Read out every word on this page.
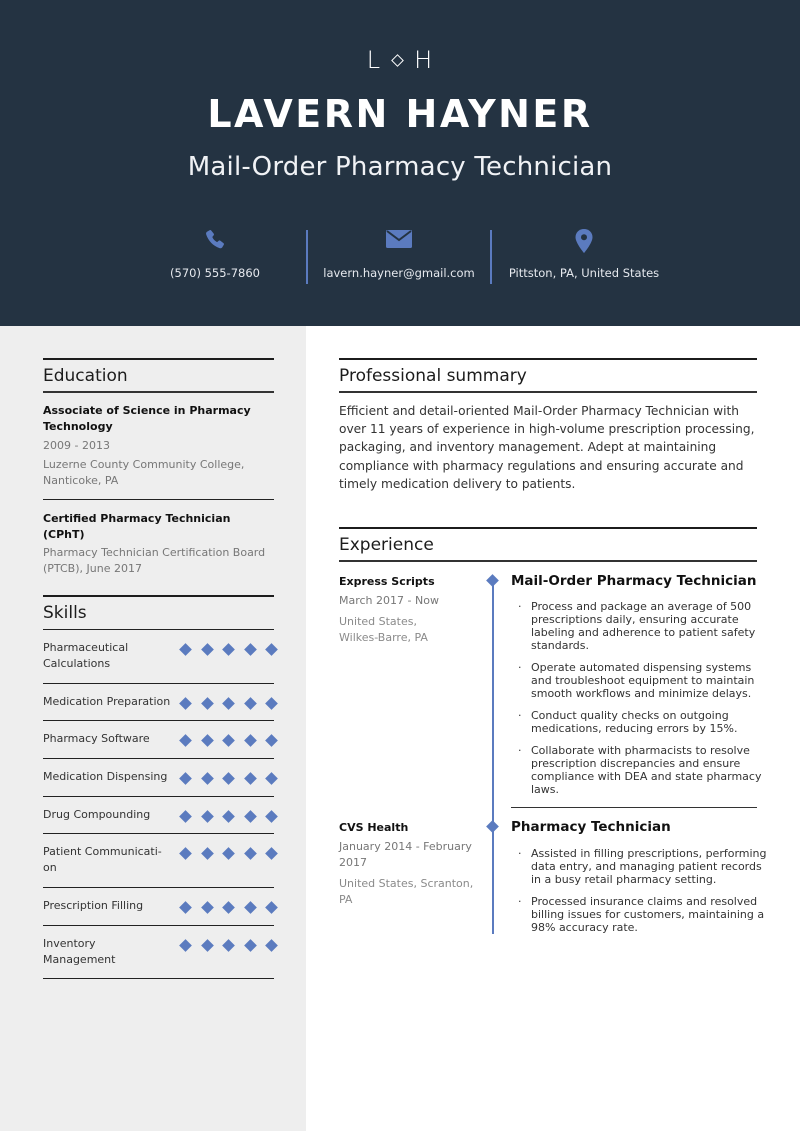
L H
LAVERN HAYNER
Mail-Order Pharmacy Technician
(570) 555-7860	lavern.hayner@gmail.com	Pittston, PA, United States
Education
Associate of Science in Pharmacy
Technology
2009 - 2013
Luzerne County Community College,
Nanticoke, PA
Certified Pharmacy Technician (CPhT)
Pharmacy Technician Certification Board
(PTCB), June 2017
Skills
Pharmaceutical
Calculations
Medication Preparation
Pharmacy Software
Medication Dispensing
Drug Compounding
Patient Communicati-
on
Prescription Filling
Inventory
Management
Professional summary
Efficient and detail-oriented Mail-Order Pharmacy Technician with over 11 years of experience in high-volume prescription processing, packaging, and inventory management. Adept at maintaining compliance with pharmacy regulations and ensuring accurate and timely medication delivery to patients.
Experience
Express Scripts
March 2017 - Now
United States,
Wilkes-Barre, PA
Mail-Order Pharmacy Technician
· Process and package an average of 500 prescriptions daily, ensuring accurate labeling and adherence to patient safety standards.
· Operate automated dispensing systems and troubleshoot equipment to maintain smooth workflows and minimize delays.
· Conduct quality checks on outgoing medications, reducing errors by 15%.
· Collaborate with pharmacists to resolve prescription discrepancies and ensure compliance with DEA and state pharmacy laws.
CVS Health
January 2014 - February
2017
United States, Scranton,
PA
Pharmacy Technician
· Assisted in filling prescriptions, performing data entry, and managing patient records in a busy retail pharmacy setting.
· Processed insurance claims and resolved billing issues for customers, maintaining a 98% accuracy rate.
